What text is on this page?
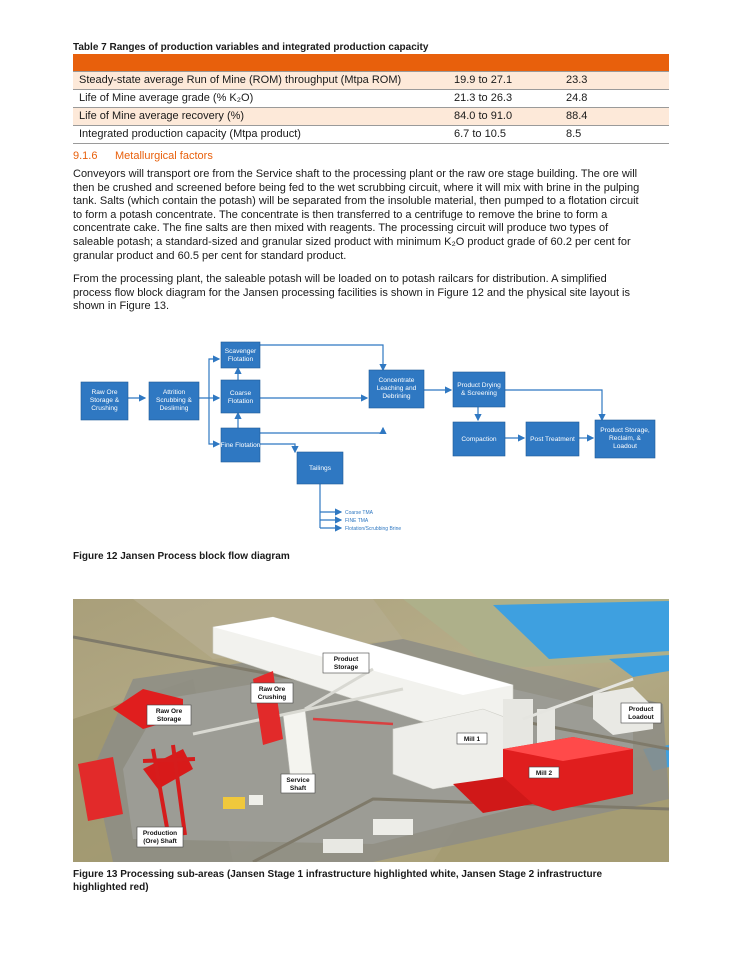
Table 7 Ranges of production variables and integrated production capacity

Steady-state average Run of Mine (ROM) throughput (Mtpa ROM)	19.9 to 27.1	23.3
Life of Mine average grade (% K₂O)	21.3 to 26.3	24.8
Life of Mine average recovery (%)	84.0 to 91.0	88.4
Integrated production capacity (Mtpa product)	6.7 to 10.5	8.5
9.1.6 Metallurgical factors
Conveyors will transport ore from the Service shaft to the processing plant or the raw ore stage building. The ore will
then be crushed and screened before being fed to the wet scrubbing circuit, where it will mix with brine in the pulping
tank. Salts (which contain the potash) will be separated from the insoluble material, then pumped to a flotation circuit
to form a potash concentrate. The concentrate is then transferred to a centrifuge to remove the brine to form a
concentrate cake. The fine salts are then mixed with reagents. The processing circuit will produce two types of
saleable potash; a standard-sized and granular sized product with minimum K₂O product grade of 60.2 per cent for
granular product and 60.5 per cent for standard product.
From the processing plant, the saleable potash will be loaded on to potash railcars for distribution. A simplified
process flow block diagram for the Jansen processing facilities is shown in Figure 12 and the physical site layout is
shown in Figure 13.
Raw Ore Storage & Crushing
Attrition Scrubbing & Desliming
Scavenger Flotation
Coarse Flotation
Fine Flotation
Tailings
Concentrate Leaching and Debrining
Product Drying & Screening
Compaction	Post Treatment
Product Storage, Reclaim, & Loadout
Coarse TMA
FINE TMA
Flotation/Scrubbing Brine
Figure 12 Jansen Process block flow diagram
Product Storage
Raw Ore Crushing
Raw Ore Storage
Product Loadout
Mill 1
Mill 2
Service Shaft
Production (Ore) Shaft
Figure 13 Processing sub-areas (Jansen Stage 1 infrastructure highlighted white, Jansen Stage 2 infrastructure
highlighted red)
